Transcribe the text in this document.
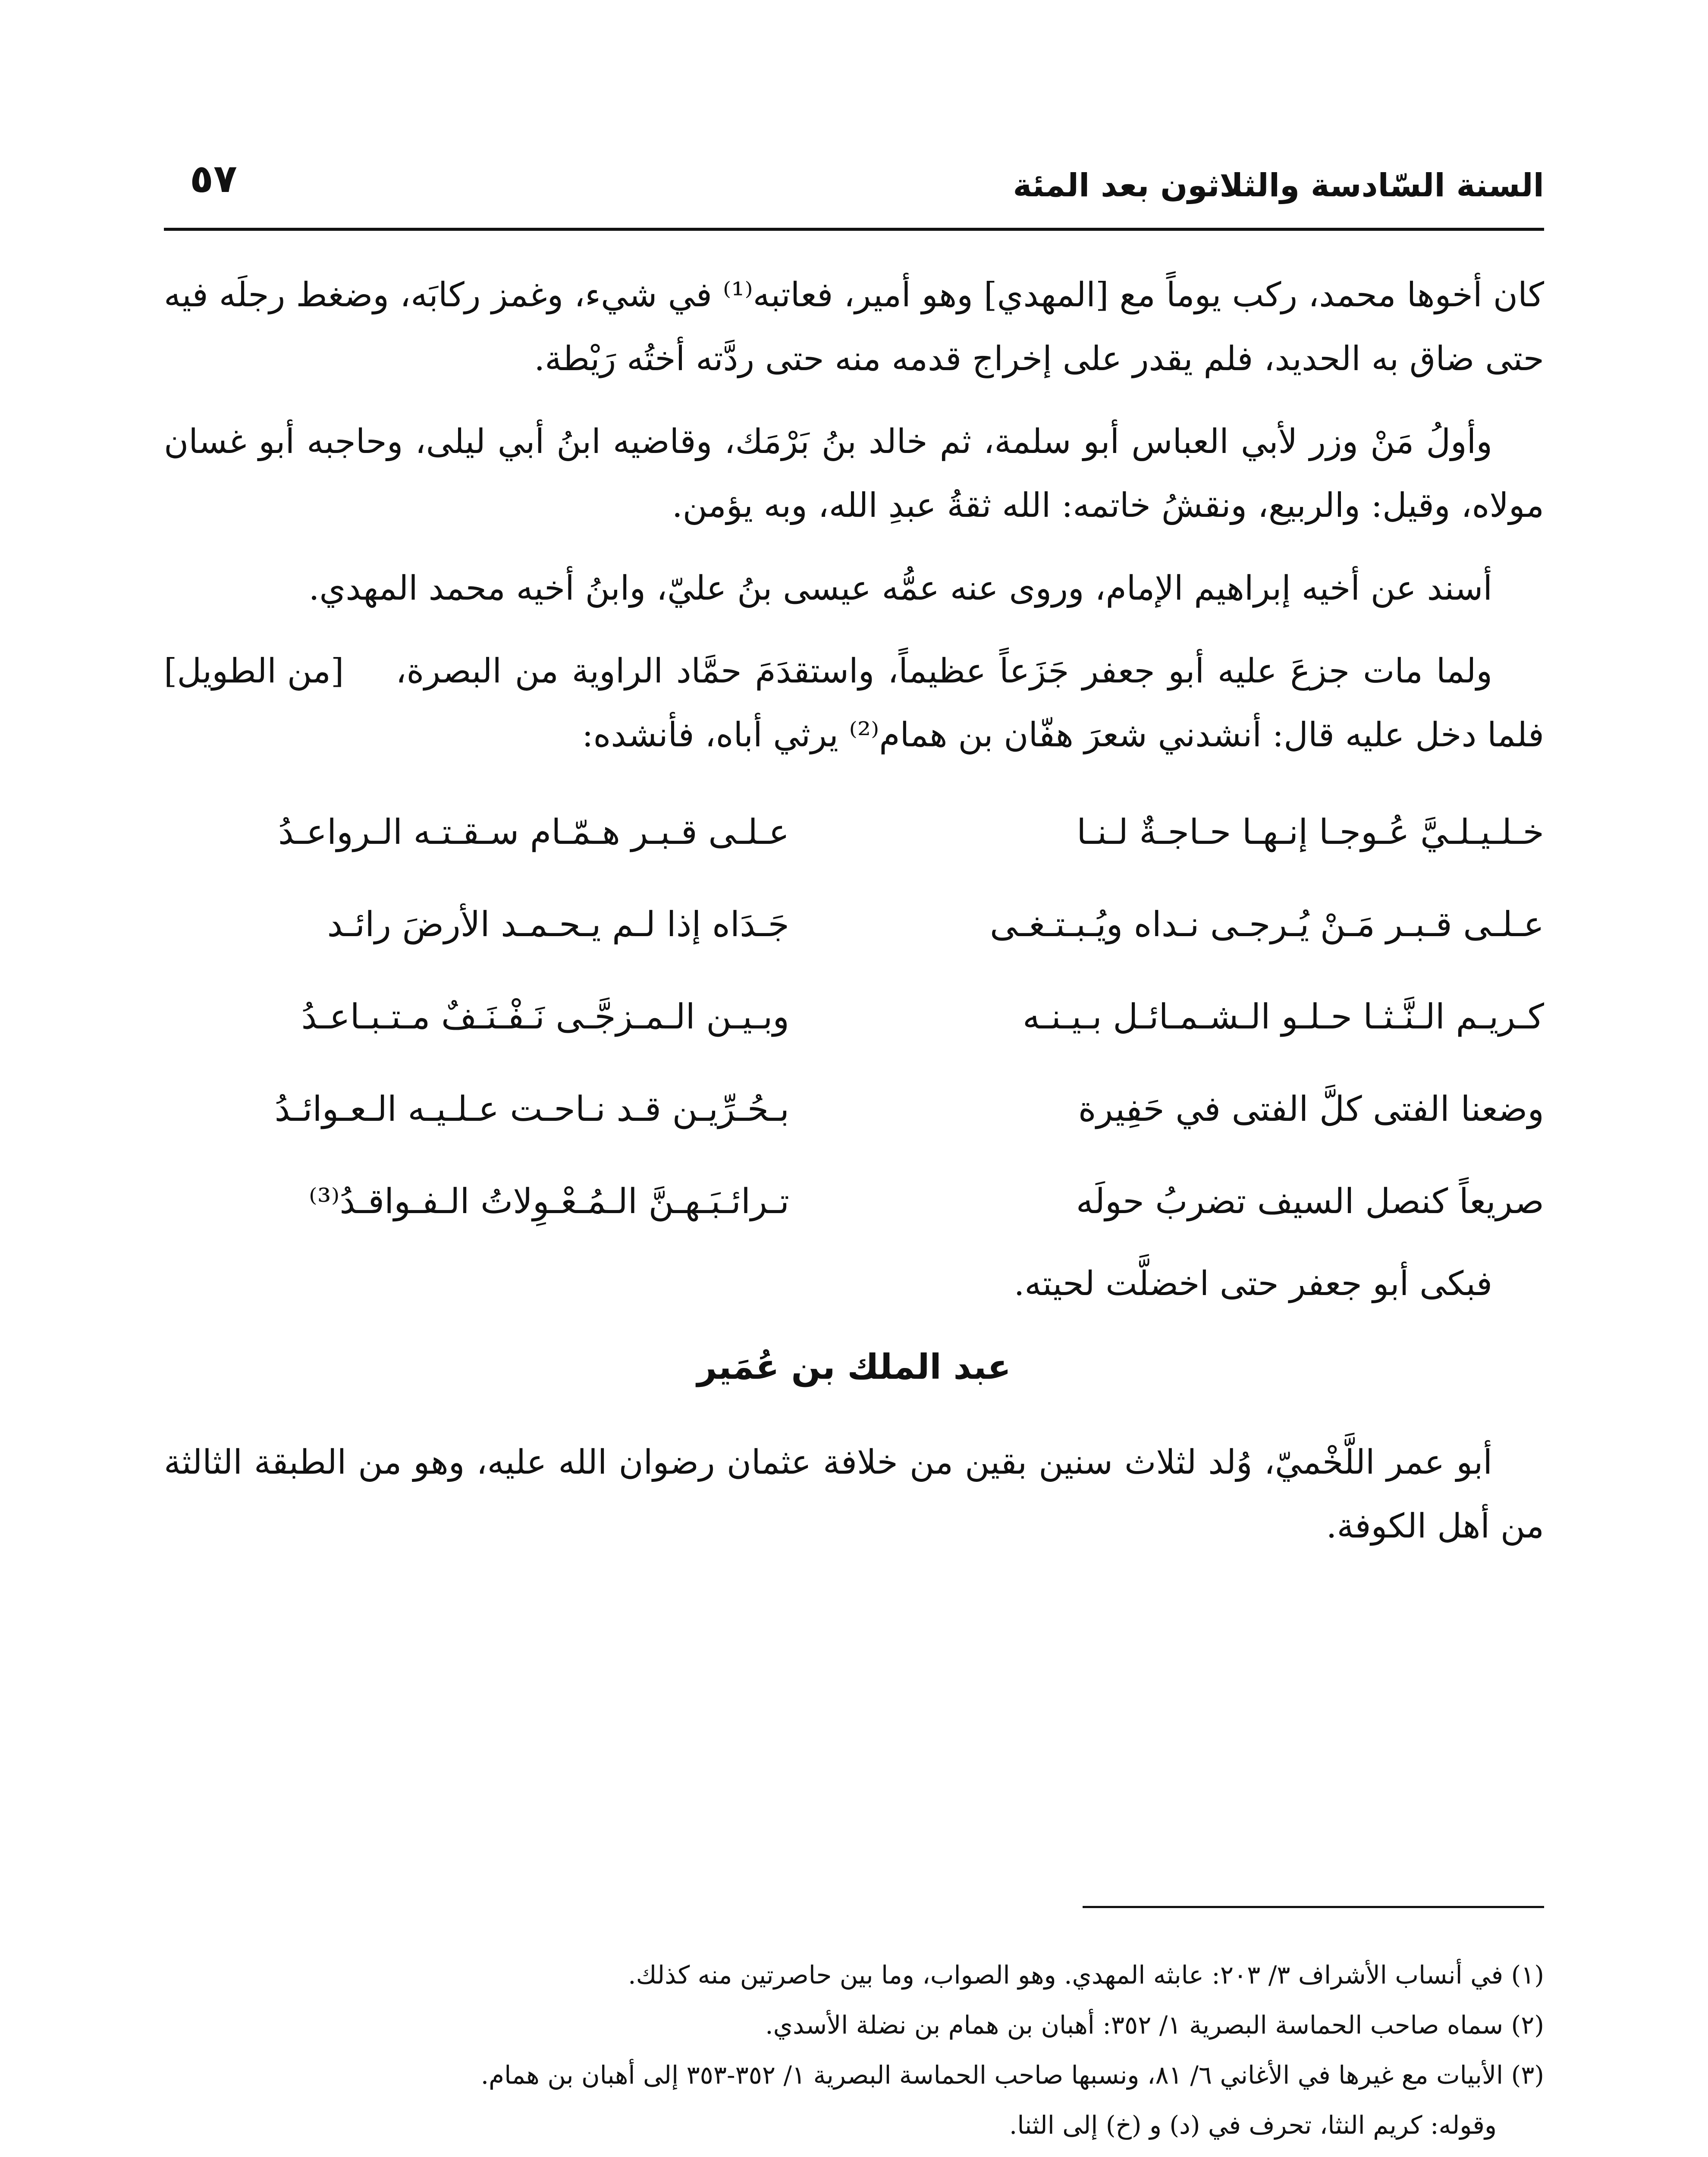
السنة السّادسة والثلاثون بعد المئة
٥٧

كان أخوها محمد، ركب يوماً مع [المهدي] وهو أمير، فعاتبه⁽¹⁾ في شيء، وغمز ركابَه، وضغط رجلَه فيه حتى ضاق به الحديد، فلم يقدر على إخراج قدمه منه حتى ردَّته أختُه رَيْطة.

وأولُ مَنْ وزر لأبي العباس أبو سلمة، ثم خالد بنُ بَرْمَك، وقاضيه ابنُ أبي ليلى، وحاجبه أبو غسان مولاه، وقيل: والربيع، ونقشُ خاتمه: الله ثقةُ عبدِ الله، وبه يؤمن.

أسند عن أخيه إبراهيم الإمام، وروى عنه عمُّه عيسى بنُ عليّ، وابنُ أخيه محمد المهدي.

[من الطويل]	ولما مات جزعَ عليه أبو جعفر جَزَعاً عظيماً، واستقدَمَ حمَّاد الراوية من البصرة، فلما دخل عليه قال: أنشدني شعرَ هفّان بن همام⁽²⁾ يرثي أباه، فأنشده:

خـلـيـلـيَّ عُـوجـا إنـهـا حـاجـةٌ لـنـا
عـلـى قـبـر هـمّـام سـقـتـه الـرواعـدُ
عـلـى قـبـر مَـنْ يُـرجـى نـداه ويُـبـتـغـى
جَـدَاه إذا لـم يـحـمـد الأرضَ رائـد
كـريـم الـنَّـثـا حـلـو الـشـمـائـل بـيـنـه
وبـيـن الـمـزجَّـى نَـفْـنَـفٌ مـتـبـاعـدُ
وضعنا الفتى كلَّ الفتى في حَفِيرة
بـحُـرِّيـن قـد نـاحـت عـلـيـه الـعـوائـدُ
صريعاً كنصل السيف تضربُ حولَه
تـرائـبَـهـنَّ الـمُـعْـوِلاتُ الـفـواقـدُ⁽³⁾

فبكى أبو جعفر حتى اخضلَّت لحيته.

عبد الملك بن عُمَير

أبو عمر اللَّخْميّ، وُلد لثلاث سنين بقين من خلافة عثمان رضوان الله عليه، وهو من الطبقة الثالثة من أهل الكوفة.

(١) في أنساب الأشراف ٣/ ٢٠٣: عابثه المهدي. وهو الصواب، وما بين حاصرتين منه كذلك.

(٢) سماه صاحب الحماسة البصرية ١/ ٣٥٢: أهبان بن همام بن نضلة الأسدي.

(٣) الأبيات مع غيرها في الأغاني ٦/ ٨١، ونسبها صاحب الحماسة البصرية ١/ ٣٥٢-٣٥٣ إلى أهبان بن همام.

وقوله: كريم النثا، تحرف في (د) و (خ) إلى الثنا.
